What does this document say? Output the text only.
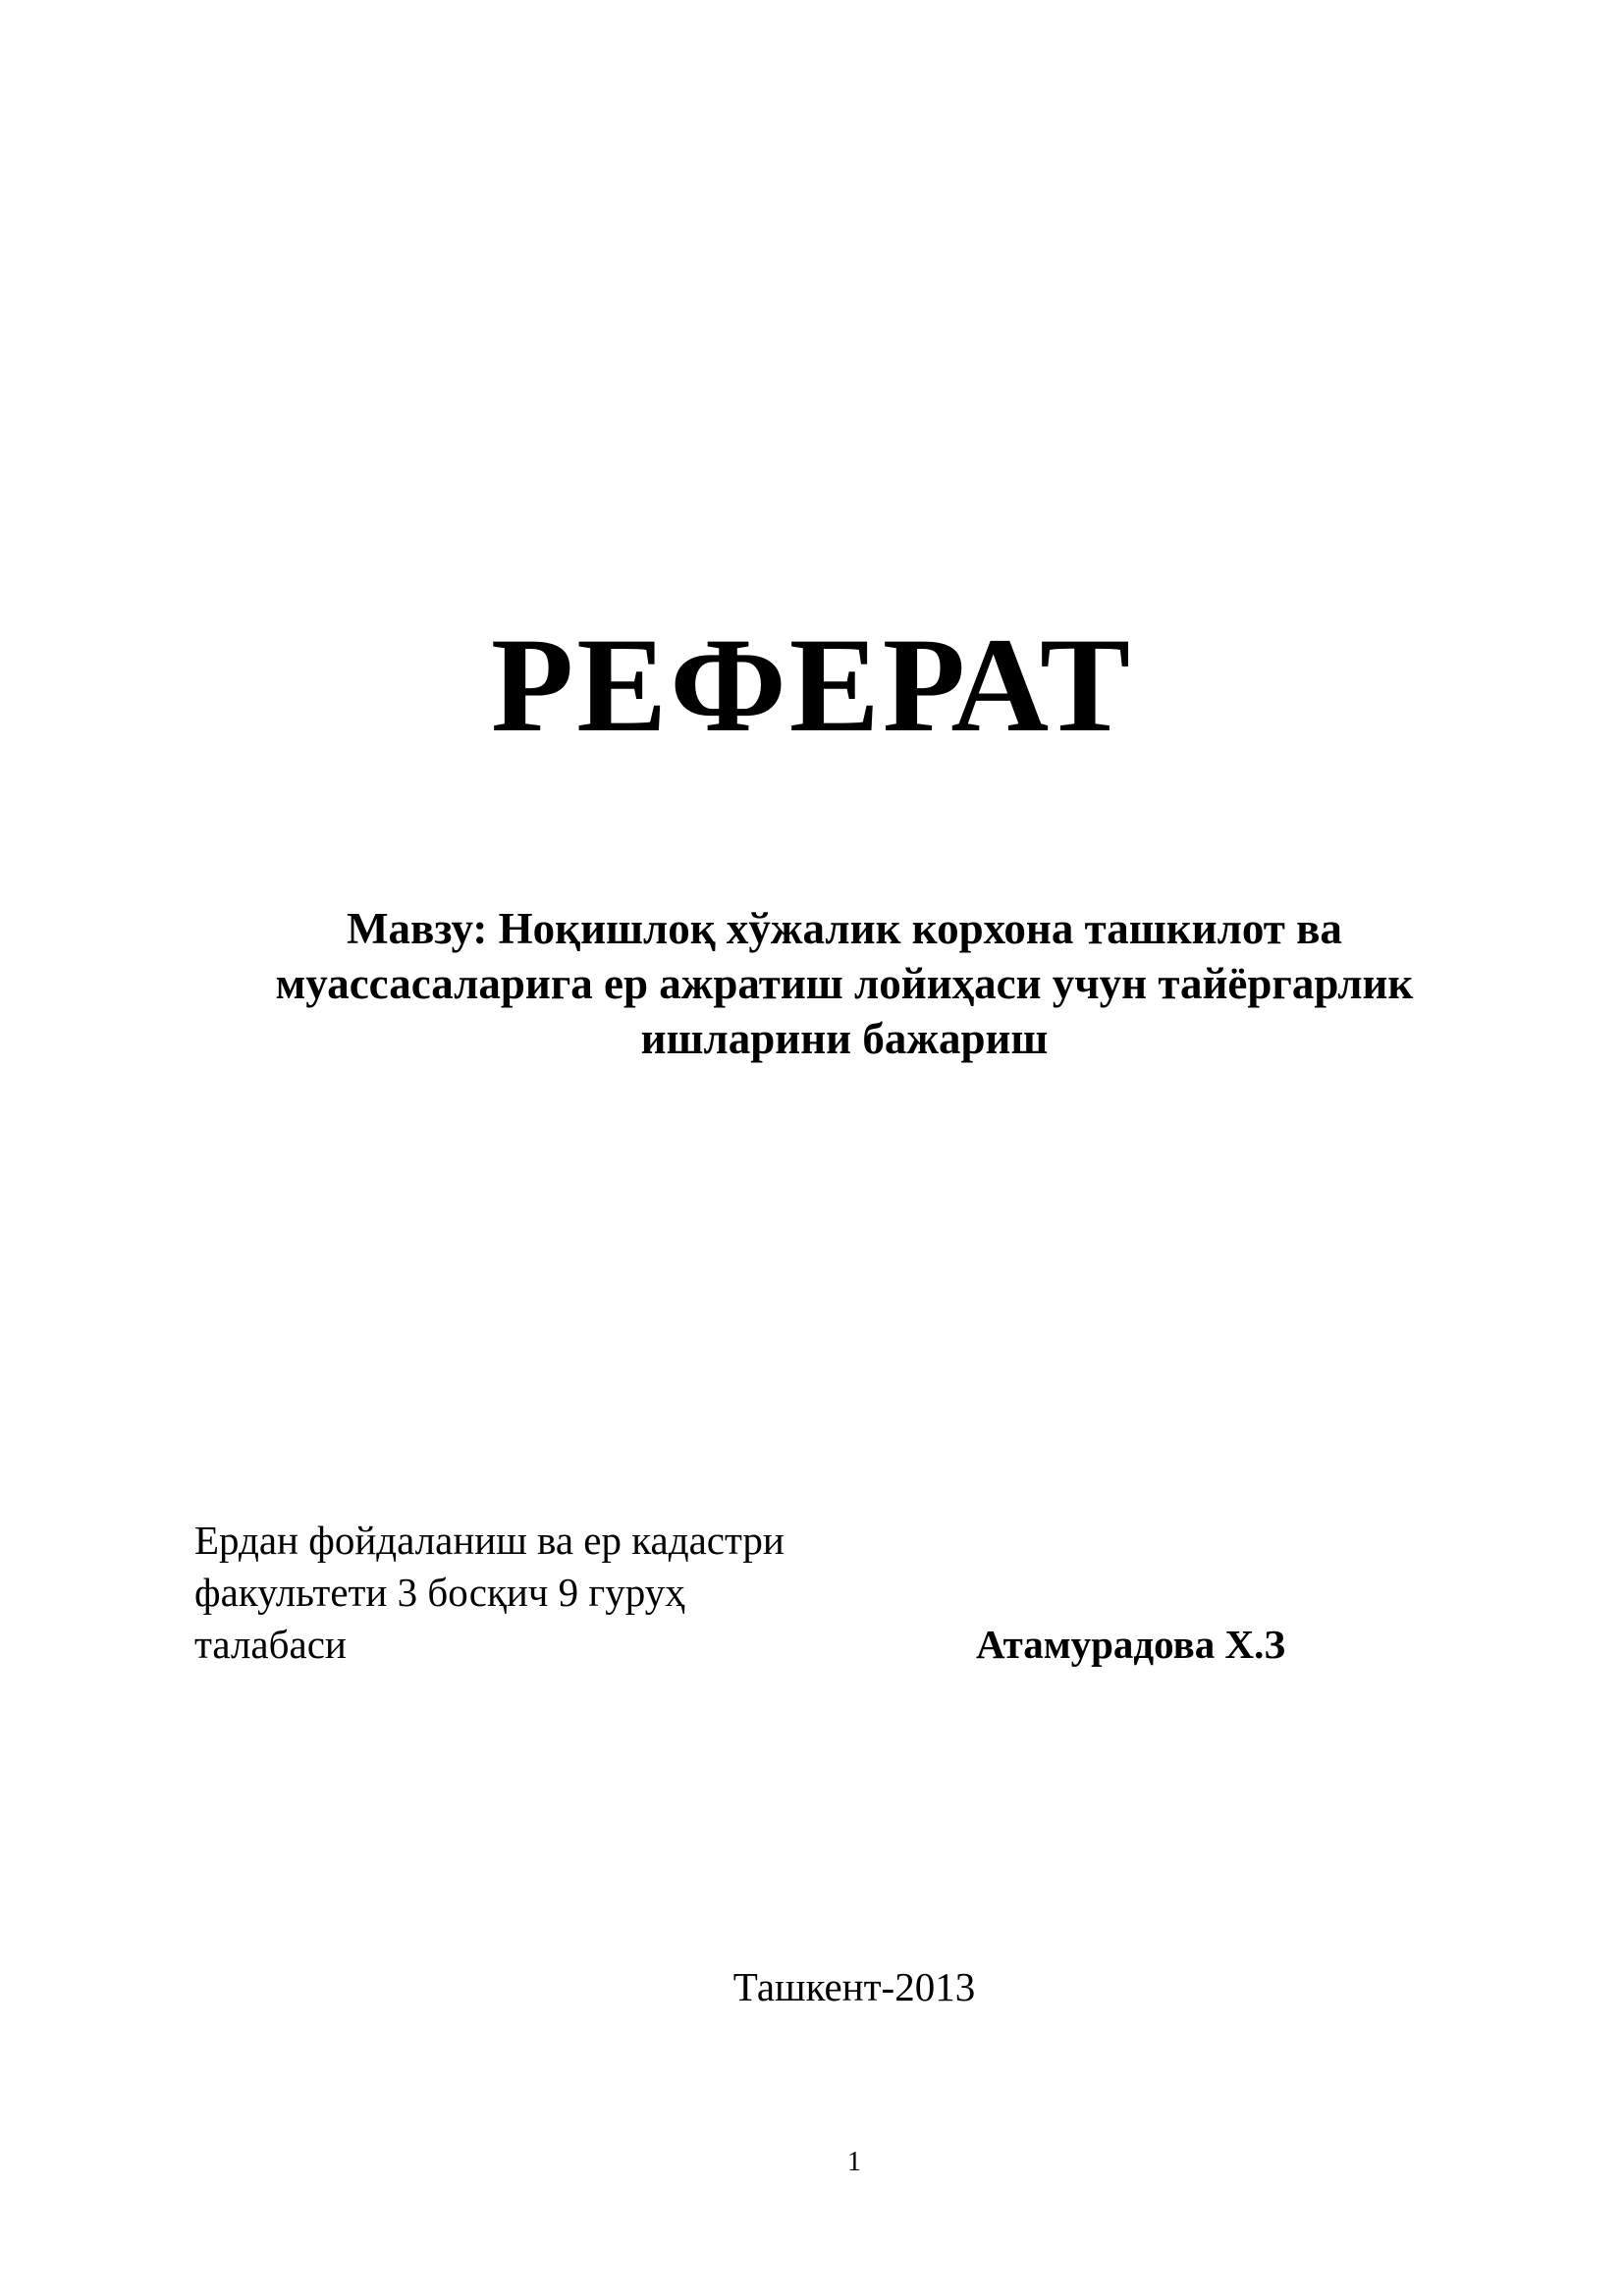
РЕФЕРАТ
Мавзу: Ноқишлоқ хўжалик корхона ташкилот ва
муассасаларига ер ажратиш лойиҳаси учун тайёргарлик
ишларини бажариш
Ердан фойдаланиш ва ер кадастри
факультети 3 босқич 9 гуруҳ
талабаси	Атамурадова Х.З
Ташкент-2013
1
